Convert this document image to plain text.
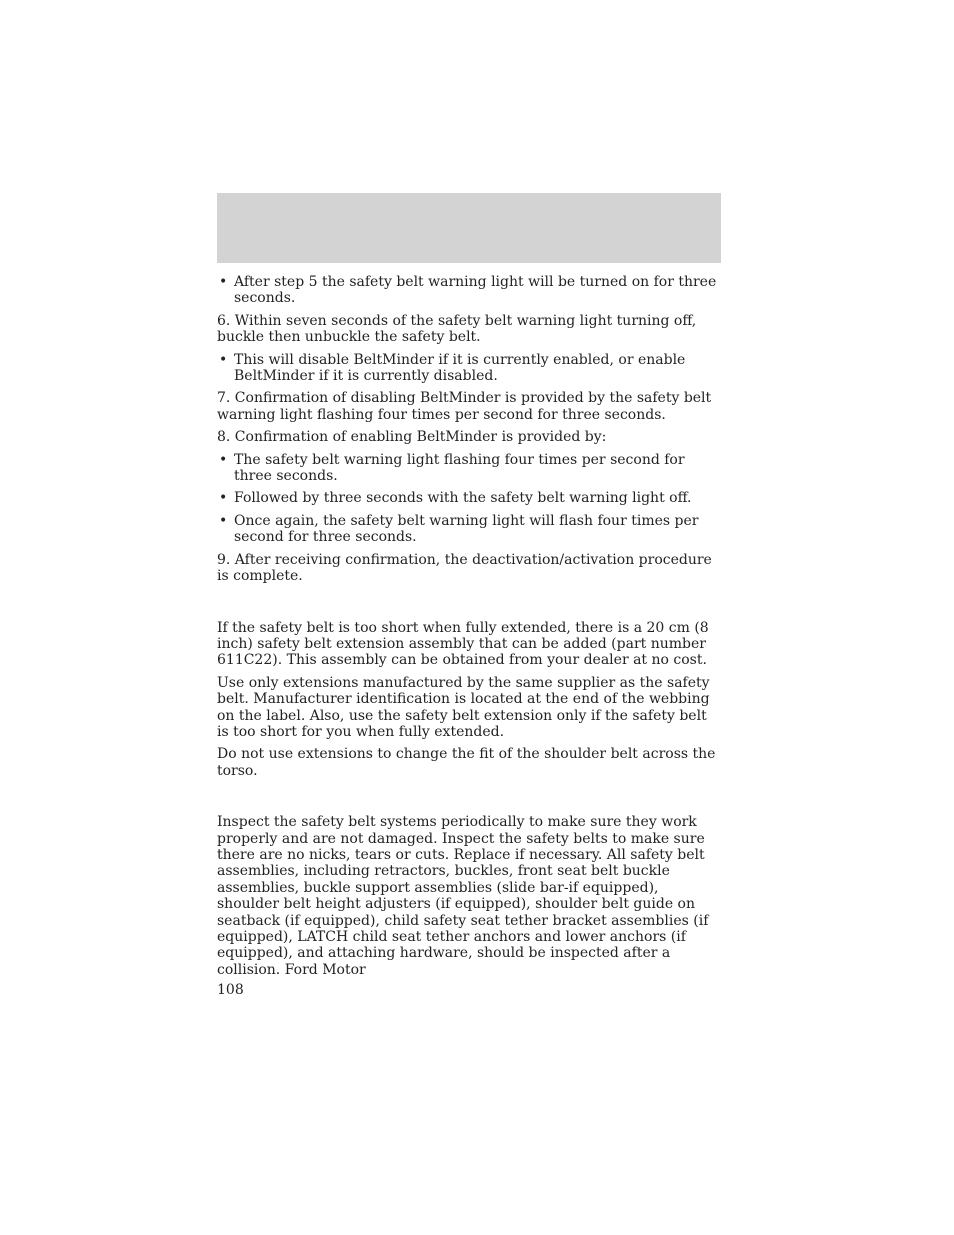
• After step 5 the safety belt warning light will be turned on for three seconds.

6. Within seven seconds of the safety belt warning light turning off, buckle then unbuckle the safety belt.

• This will disable BeltMinder if it is currently enabled, or enable BeltMinder if it is currently disabled.

7. Confirmation of disabling BeltMinder is provided by the safety belt warning light flashing four times per second for three seconds.

8. Confirmation of enabling BeltMinder is provided by:

• The safety belt warning light flashing four times per second for three seconds.
• Followed by three seconds with the safety belt warning light off.
• Once again, the safety belt warning light will flash four times per second for three seconds.

9. After receiving confirmation, the deactivation/activation procedure is complete.

If the safety belt is too short when fully extended, there is a 20 cm (8 inch) safety belt extension assembly that can be added (part number 611C22). This assembly can be obtained from your dealer at no cost.

Use only extensions manufactured by the same supplier as the safety belt. Manufacturer identification is located at the end of the webbing on the label. Also, use the safety belt extension only if the safety belt is too short for you when fully extended.

Do not use extensions to change the fit of the shoulder belt across the torso.

Inspect the safety belt systems periodically to make sure they work properly and are not damaged. Inspect the safety belts to make sure there are no nicks, tears or cuts. Replace if necessary. All safety belt assemblies, including retractors, buckles, front seat belt buckle assemblies, buckle support assemblies (slide bar-if equipped), shoulder belt height adjusters (if equipped), shoulder belt guide on seatback (if equipped), child safety seat tether bracket assemblies (if equipped), LATCH child seat tether anchors and lower anchors (if equipped), and attaching hardware, should be inspected after a collision. Ford Motor

108
